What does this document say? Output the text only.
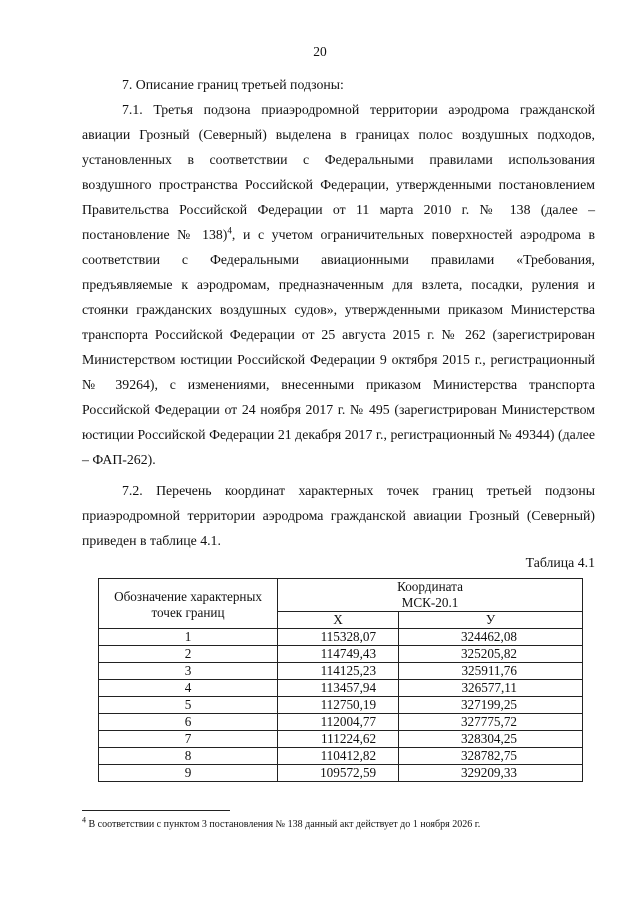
20

7. Описание границ третьей подзоны:

7.1. Третья подзона приаэродромной территории аэродрома гражданской авиации Грозный (Северный) выделена в границах полос воздушных подходов, установленных в соответствии с Федеральными правилами использования воздушного пространства Российской Федерации, утвержденными постановлением Правительства Российской Федерации от 11 марта 2010 г. № 138 (далее – постановление № 138)$^4$, и с учетом ограничительных поверхностей аэродрома в соответствии с Федеральными авиационными правилами «Требования, предъявляемые к аэродромам, предназначенным для взлета, посадки, руления и стоянки гражданских воздушных судов», утвержденными приказом Министерства транспорта Российской Федерации от 25 августа 2015 г. № 262 (зарегистрирован Министерством юстиции Российской Федерации 9 октября 2015 г., регистрационный № 39264), с изменениями, внесенными приказом Министерства транспорта Российской Федерации от 24 ноября 2017 г. № 495 (зарегистрирован Министерством юстиции Российской Федерации 21 декабря 2017 г., регистрационный № 49344) (далее – ФАП-262).

7.2. Перечень координат характерных точек границ третьей подзоны приаэродромной территории аэродрома гражданской авиации Грозный (Северный) приведен в таблице 4.1.

Таблица 4.1
Обозначение характерных точек границ	Координата
МСК-20.1	
	X	У
1	115328,07	324462,08
2	114749,43	325205,82
3	114125,23	325911,76
4	113457,94	326577,11
5	112750,19	327199,25
6	112004,77	327775,72
7	111224,62	328304,25
8	110412,82	328782,75
9	109572,59	329209,33
$^4$ В соответствии с пунктом 3 постановления № 138 данный акт действует до 1 ноября 2026 г.
